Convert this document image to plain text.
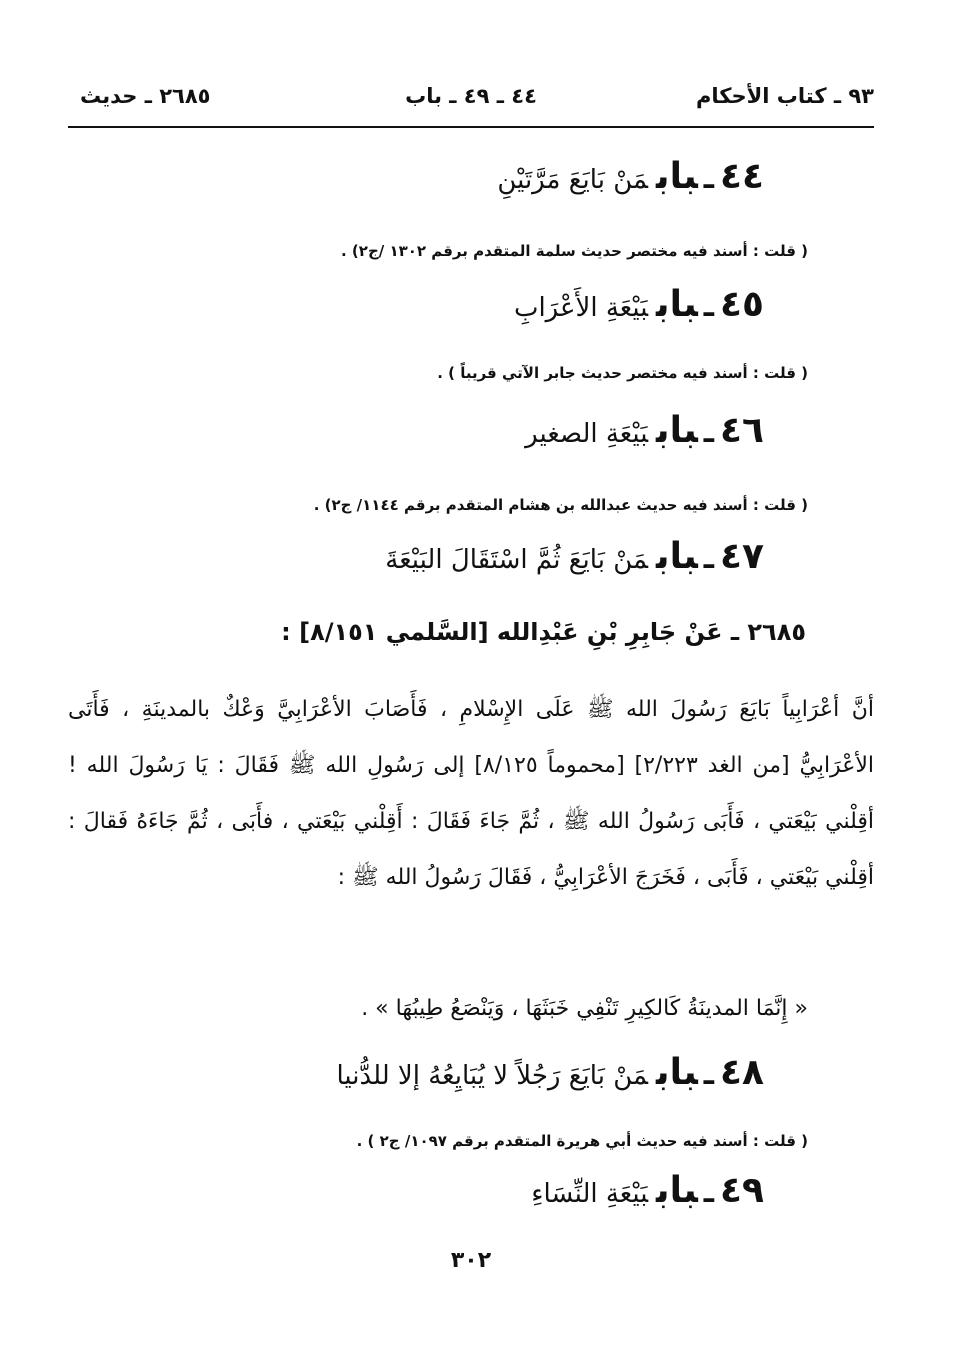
٩٣ ـ كتاب الأحكام
٤٤ ـ ٤٩ ـ باب
٢٦٨٥ ـ حديث
٤٤ـبابمَنْ بَايَعَ مَرَّتَيْنِ
( قلت : أسند فيه مختصر حديث سلمة المتقدم برقم ١٣٠٢ /ج٢) .
٤٥ـباببَيْعَةِ الأَعْرَابِ
( قلت : أسند فيه مختصر حديث جابر الآتي قريباً ) .
٤٦ـباببَيْعَةِ الصغير
( قلت : أسند فيه حديث عبدالله بن هشام المتقدم برقم ١١٤٤/ ج٢) .
٤٧ـبابمَنْ بَايَعَ ثُمَّ اسْتَقَالَ البَيْعَةَ
٢٦٨٥ ـ عَنْ جَابِرِ بْنِ عَبْدِالله [السَّلمي ٨/١٥١] :
أنَّ أعْرَابِياً بَايَعَ رَسُولَ الله ﷺ عَلَى الإِسْلامِ ، فَأَصَابَ الأعْرَابِيَّ وَعْكٌ بالمدينَةِ ، فَأَتَى الأعْرَابِيُّ [من الغد ٢/٢٢٣] [محموماً ٨/١٢٥] إلى رَسُولِ الله ﷺ فَقَالَ : يَا رَسُولَ الله ! أقِلْني بَيْعَتي ، فَأَبَى رَسُولُ الله ﷺ ، ثُمَّ جَاءَ فَقَالَ : أَقِلْني بَيْعَتي ، فأَبَى ، ثُمَّ جَاءَهُ فَقالَ : أقِلْني بَيْعَتي ، فَأَبَى ، فَخَرَجَ الأعْرَابِيُّ ، فَقَالَ رَسُولُ الله ﷺ :
« إِنَّمَا المدينَةُ كَالكِيرِ تَنْفِي خَبَثَهَا ، وَيَنْصَعُ طِيبُهَا » .
٤٨ـبابمَنْ بَايَعَ رَجُلاً لا يُبَايِعُهُ إلا للدُّنيا
( قلت : أسند فيه حديث أبي هريرة المتقدم برقم ١٠٩٧/ ج٢ ) .
٤٩ـباببَيْعَةِ النِّسَاءِ
٣٠٢
